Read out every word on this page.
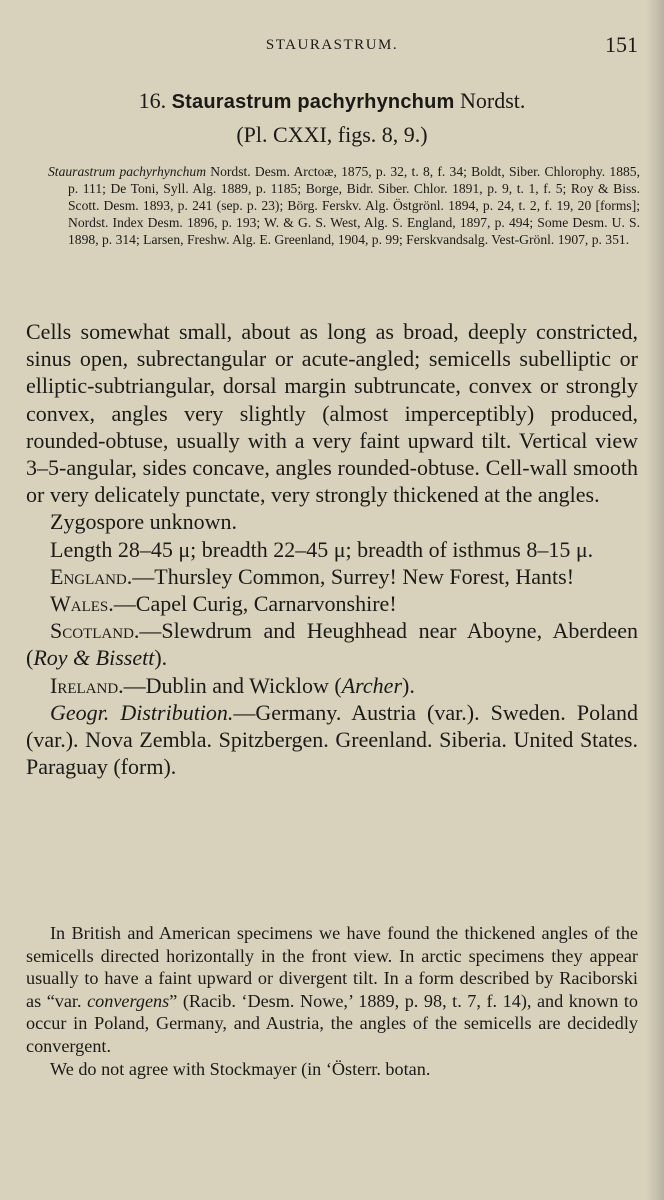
STAURASTRUM.	151
16. Staurastrum pachyrhynchum Nordst.
(Pl. CXXI, figs. 8, 9.)

Staurastrum pachyrhynchum Nordst. Desm. Arctoæ, 1875, p. 32, t. 8, f. 34; Boldt, Siber. Chlorophy. 1885, p. 111; De Toni, Syll. Alg. 1889, p. 1185; Borge, Bidr. Siber. Chlor. 1891, p. 9, t. 1, f. 5; Roy & Biss. Scott. Desm. 1893, p. 241 (sep. p. 23); Börg. Ferskv. Alg. Östgrönl. 1894, p. 24, t. 2, f. 19, 20 [forms]; Nordst. Index Desm. 1896, p. 193; W. & G. S. West, Alg. S. England, 1897, p. 494; Some Desm. U. S. 1898, p. 314; Larsen, Freshw. Alg. E. Greenland, 1904, p. 99; Ferskvandsalg. Vest-Grönl. 1907, p. 351.

Cells somewhat small, about as long as broad, deeply constricted, sinus open, subrectangular or acute-angled; semicells subelliptic or elliptic-subtriangular, dorsal margin subtruncate, convex or strongly convex, angles very slightly (almost imperceptibly) produced, rounded-obtuse, usually with a very faint upward tilt. Vertical view 3–5-angular, sides concave, angles rounded-obtuse. Cell-wall smooth or very delicately punctate, very strongly thickened at the angles.

Zygospore unknown.

Length 28–45 μ; breadth 22–45 μ; breadth of isthmus 8–15 μ.

England.—Thursley Common, Surrey! New Forest, Hants!

Wales.—Capel Curig, Carnarvonshire!

Scotland.—Slewdrum and Heughhead near Aboyne, Aberdeen (Roy & Bissett).

Ireland.—Dublin and Wicklow (Archer).

Geogr. Distribution.—Germany. Austria (var.). Sweden. Poland (var.). Nova Zembla. Spitzbergen. Greenland. Siberia. United States. Paraguay (form).

In British and American specimens we have found the thickened angles of the semicells directed horizontally in the front view. In arctic specimens they appear usually to have a faint upward or divergent tilt. In a form described by Raciborski as “var. convergens” (Racib. ‘Desm. Nowe,’ 1889, p. 98, t. 7, f. 14), and known to occur in Poland, Germany, and Austria, the angles of the semicells are decidedly convergent.

We do not agree with Stockmayer (in ‘Österr. botan.
